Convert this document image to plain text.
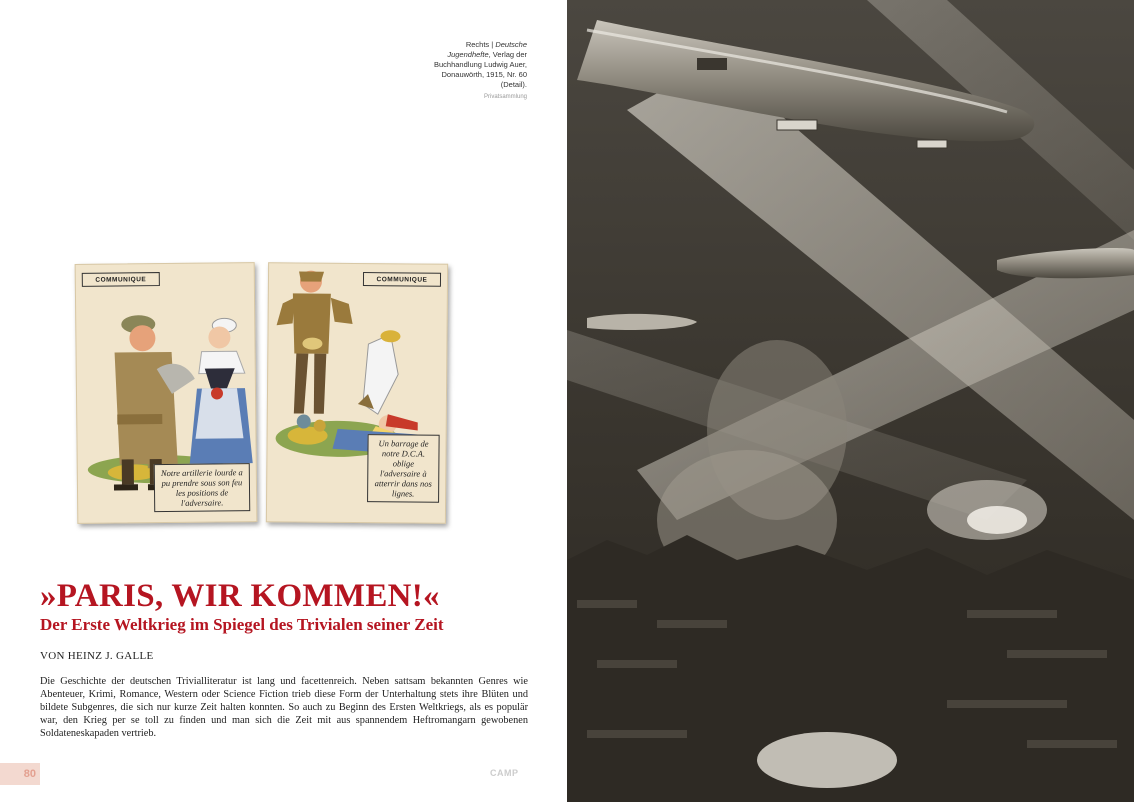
Rechts | Deutsche Jugendhefte, Verlag der Buchhandlung Ludwig Auer, Donauwörth, 1915, Nr. 60 (Detail).
Privatsammlung
COMMUNIQUE
Notre artillerie lourde a pu prendre sous son feu les positions de l'adversaire.
COMMUNIQUE
Un barrage de notre D.C.A. oblige l'adversaire à atterrir dans nos lignes.
»PARIS, WIR KOMMEN!«
Der Erste Weltkrieg im Spiegel des Trivialen seiner Zeit
VON HEINZ J. GALLE
Die Geschichte der deutschen Trivialliteratur ist lang und facettenreich. Neben sattsam bekannten Genres wie Abenteuer, Krimi, Romance, Western oder Science Fiction trieb diese Form der Unterhaltung stets ihre Blüten und bildete Subgenres, die sich nur kurze Zeit halten konnten. So auch zu Beginn des Ersten Weltkriegs, als es populär war, den Krieg per se toll zu finden und man sich die Zeit mit aus spannendem Heftromangarn gewobenen Soldateneskapaden vertrieb.
80	CAMP
